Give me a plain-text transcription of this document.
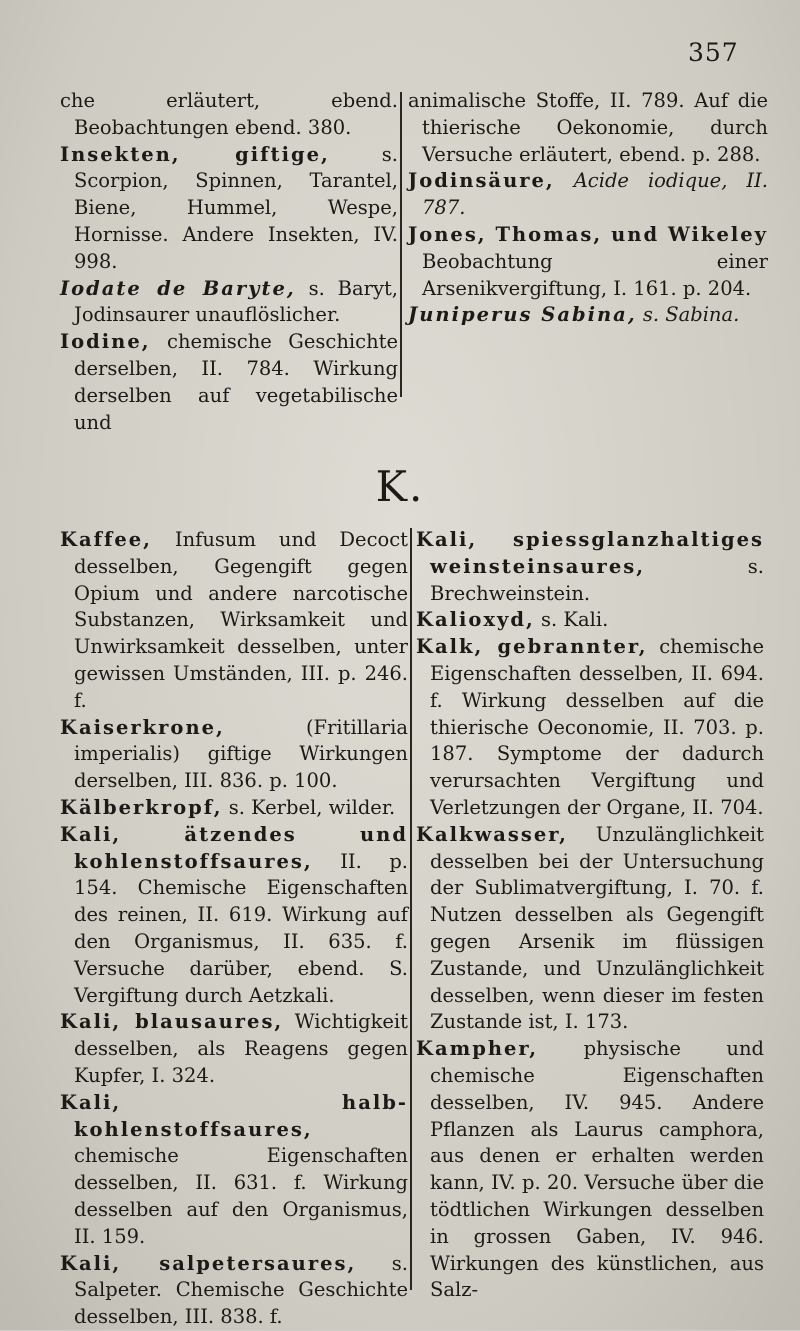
357

che erläutert, ebend. Beobachtungen ebend. 380.

Insekten, giftige,	s. Scorpion, Spinnen, Tarantel, Biene, Hummel, Wespe, Hornisse. Andere Insekten, IV. 998.

Iodate de Baryte, s. Baryt, Jodinsaurer unauflöslicher.

Iodine, chemische Geschichte derselben, II. 784. Wirkung derselben auf vegetabilische und

animalische Stoffe, II. 789. Auf die thierische Oekonomie, durch Versuche erläutert, ebend. p. 288.

Jodinsäure, Acide iodique, II. 787.

Jones, Thomas, und Wikeley Beobachtung einer Arsenikvergiftung, I. 161. p. 204.

Juniperus Sabina, s. Sabina.

K.

Kaffee, Infusum und Decoct desselben, Gegengift gegen Opium und andere narcotische Substanzen, Wirksamkeit und Unwirksamkeit desselben, unter gewissen Umständen, III. p. 246. f.

Kaiserkrone,	(Fritillaria imperialis) giftige Wirkungen derselben, III. 836. p. 100.

Kälberkropf, s. Kerbel, wilder.

Kali, ätzendes und kohlenstoffsaures, II. p. 154. Chemische Eigenschaften des reinen, II. 619. Wirkung auf den Organismus, II. 635. f. Versuche darüber, ebend. S. Vergiftung durch Aetzkali.

Kali, blausaures, Wichtigkeit desselben, als Reagens gegen Kupfer, I. 324.

Kali, halb- kohlenstoffsaures, chemische Eigenschaften desselben, II. 631. f. Wirkung desselben auf den Organismus, II. 159.

Kali, salpetersaures, s. Salpeter. Chemische Geschichte desselben, III. 838. f.

Kali, spiessglanzhaltiges weinsteinsaures,	s. Brechweinstein.

Kalioxyd, s. Kali.

Kalk, gebrannter, chemische Eigenschaften desselben, II. 694. f. Wirkung desselben auf die thierische Oeconomie, II. 703. p. 187. Symptome der dadurch verursachten Vergiftung und Verletzungen der Organe, II. 704.

Kalkwasser, Unzulänglichkeit desselben bei der Untersuchung der Sublimatvergiftung, I. 70. f. Nutzen desselben als Gegengift gegen Arsenik im flüssigen Zustande, und Unzulänglichkeit desselben, wenn dieser im festen Zustande ist, I. 173.

Kampher, physische und chemische Eigenschaften desselben, IV. 945. Andere Pflanzen als Laurus camphora, aus denen er erhalten werden kann, IV. p. 20. Versuche über die tödtlichen Wirkungen desselben in grossen Gaben, IV. 946. Wirkungen des künstlichen, aus Salz-
